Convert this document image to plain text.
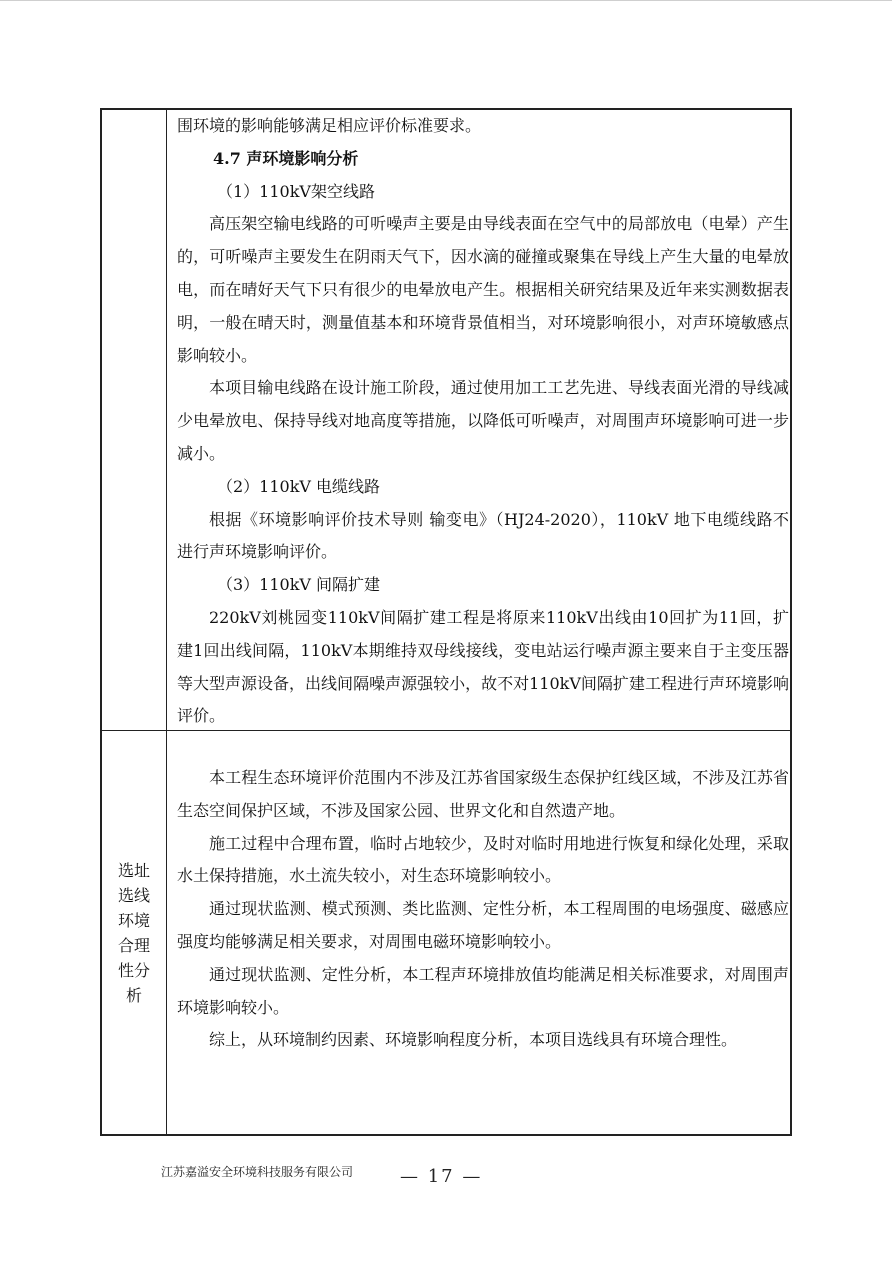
围环境的影响能够满足相应评价标准要求。

4.7 声环境影响分析

（1）110kV架空线路

高压架空输电线路的可听噪声主要是由导线表面在空气中的局部放电（电晕）产生的，可听噪声主要发生在阴雨天气下，因水滴的碰撞或聚集在导线上产生大量的电晕放电，而在晴好天气下只有很少的电晕放电产生。根据相关研究结果及近年来实测数据表明，一般在晴天时，测量值基本和环境背景值相当，对环境影响很小，对声环境敏感点影响较小。

本项目输电线路在设计施工阶段，通过使用加工工艺先进、导线表面光滑的导线减少电晕放电、保持导线对地高度等措施，以降低可听噪声，对周围声环境影响可进一步减小。

（2）110kV 电缆线路

根据《环境影响评价技术导则 输变电》（HJ24-2020），110kV 地下电缆线路不进行声环境影响评价。

（3）110kV 间隔扩建

220kV刘桃园变110kV间隔扩建工程是将原来110kV出线由10回扩为11回，扩建1回出线间隔，110kV本期维持双母线接线，变电站运行噪声源主要来自于主变压器等大型声源设备，出线间隔噪声源强较小，故不对110kV间隔扩建工程进行声环境影响评价。

选址
选线
环境
合理
性分
析

本工程生态环境评价范围内不涉及江苏省国家级生态保护红线区域，不涉及江苏省生态空间保护区域，不涉及国家公园、世界文化和自然遗产地。

施工过程中合理布置，临时占地较少，及时对临时用地进行恢复和绿化处理，采取水土保持措施，水土流失较小，对生态环境影响较小。

通过现状监测、模式预测、类比监测、定性分析，本工程周围的电场强度、磁感应强度均能够满足相关要求，对周围电磁环境影响较小。

通过现状监测、定性分析，本工程声环境排放值均能满足相关标准要求，对周围声环境影响较小。

综上，从环境制约因素、环境影响程度分析，本项目选线具有环境合理性。

江苏嘉溢安全环境科技服务有限公司	— 17 —
